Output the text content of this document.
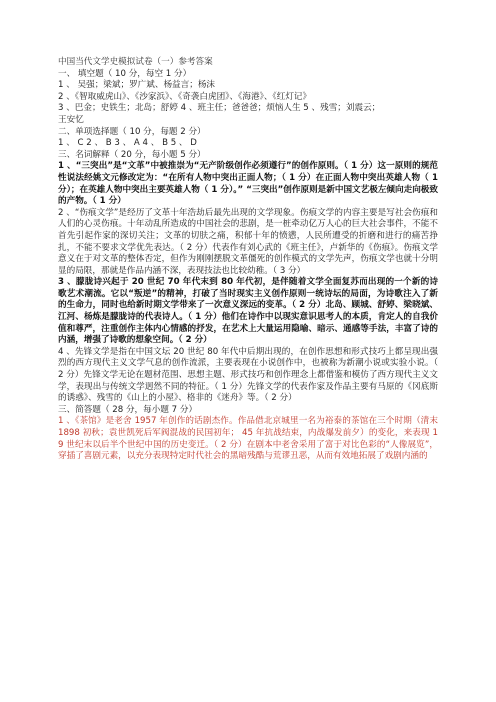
中国当代文学史模拟试卷（一）参考答案

一、 填空题（ 10 分，每空 1 分）

1 、 吴强；梁斌；罗广斌、杨益言；杨沫

2 、《智取威虎山》、《沙家浜》、《奇袭白虎团》、《海港》、《红灯记》

3 、巴金；史铁生；北岛；舒婷 4 、班主任；爸爸爸；烦恼人生 5 、残雪；刘震云；

王安忆

二、单项选择题（ 10 分，每题 2 分）

1 、 C 2 、 B 3 、 A 4 、 B 5 、 D

三、名词解释（ 20 分，每小题 5 分）

1 、“三突出”是“文革”中被推崇为“无产阶级创作必须遵行”的创作原则。（ 1 分）这一原则的规范性说法经姚文元修改定为：“在所有人物中突出正面人物；（ 1 分）在正面人物中突出英雄人物（ 1 分）；在英雄人物中突出主要英雄人物（ 1 分）。” “三突出”创作原则是新中国文艺极左倾向走向极致的产物。（ 1 分）

2 、“伤痕文学”是经历了文革十年浩劫后最先出现的文学现象。伤痕文学的内容主要是写社会伤痕和人们的心灵伤痕。十年动乱所造成的中国社会的悲剧，是一桩牵动亿万人心的巨大社会事件，不能不首先引起作家的深切关注；文革的切肤之痛，积郁十年的愤懑，人民所遭受的折磨和进行的痛苦挣扎，不能不要求文学优先表达。（ 2 分）代表作有刘心武的《班主任》，卢新华的《伤痕》。伤痕文学意义在于对文革的整体否定，但作为刚刚摆脱文革僵死的创作模式的文学先声，伤痕文学也就十分明显的局限，那就是作品内涵不深，表现技法也比较幼稚。（ 3 分）

3 、朦胧诗兴起于 20 世纪 70 年代末到 80 年代初，是伴随着文学全面复苏而出现的一个新的诗歌艺术潮流。它以“叛逆”的精神，打破了当时现实主义创作原则一统诗坛的局面，为诗歌注入了新的生命力，同时也给新时期文学带来了一次意义深远的变革。（ 2 分）北岛、顾城、舒婷、梁晓斌、江河、杨炼是朦胧诗的代表诗人。（ 1 分）他们在诗作中以现实意识思考人的本质，肯定人的自我价值和尊严，注重创作主体内心情感的抒发，在艺术上大量运用隐喻、暗示、通感等手法，丰富了诗的内涵，增强了诗歌的想象空间。（ 2 分）

4 、先锋文学是指在中国文坛 20 世纪 80 年代中后期出现的，在创作思想和形式技巧上都呈现出强烈的西方现代主义文学气息的创作流派，主要表现在小说创作中，也被称为新潮小说或实验小说。（ 2 分）先锋文学无论在题材范围、思想主题、形式技巧和创作理念上都借鉴和模仿了西方现代主义文学，表现出与传统文学迥然不同的特征。（ 1 分）先锋文学的代表作家及作品主要有马原的《冈底斯的诱惑》、残雪的《山上的小屋》、格非的《迷舟》等。（ 2 分）

三、简答题（ 28 分，每小题 7 分）

1 、《茶馆》是老舍 1957 年创作的话剧杰作。作品借北京城里一名为裕泰的茶馆在三个时期（清末 1898 初秋；袁世凯死后军阀混战的民国初年； 45 年抗战结束，内战爆发前夕）的变化，来表现 19 世纪末以后半个世纪中国的历史变迁。（ 2 分）在剧本中老舍采用了富于对比色彩的“人像展览”，穿插了喜剧元素，以充分表现特定时代社会的黑暗残酷与荒谬丑恶，从而有效地拓展了戏剧内涵的
